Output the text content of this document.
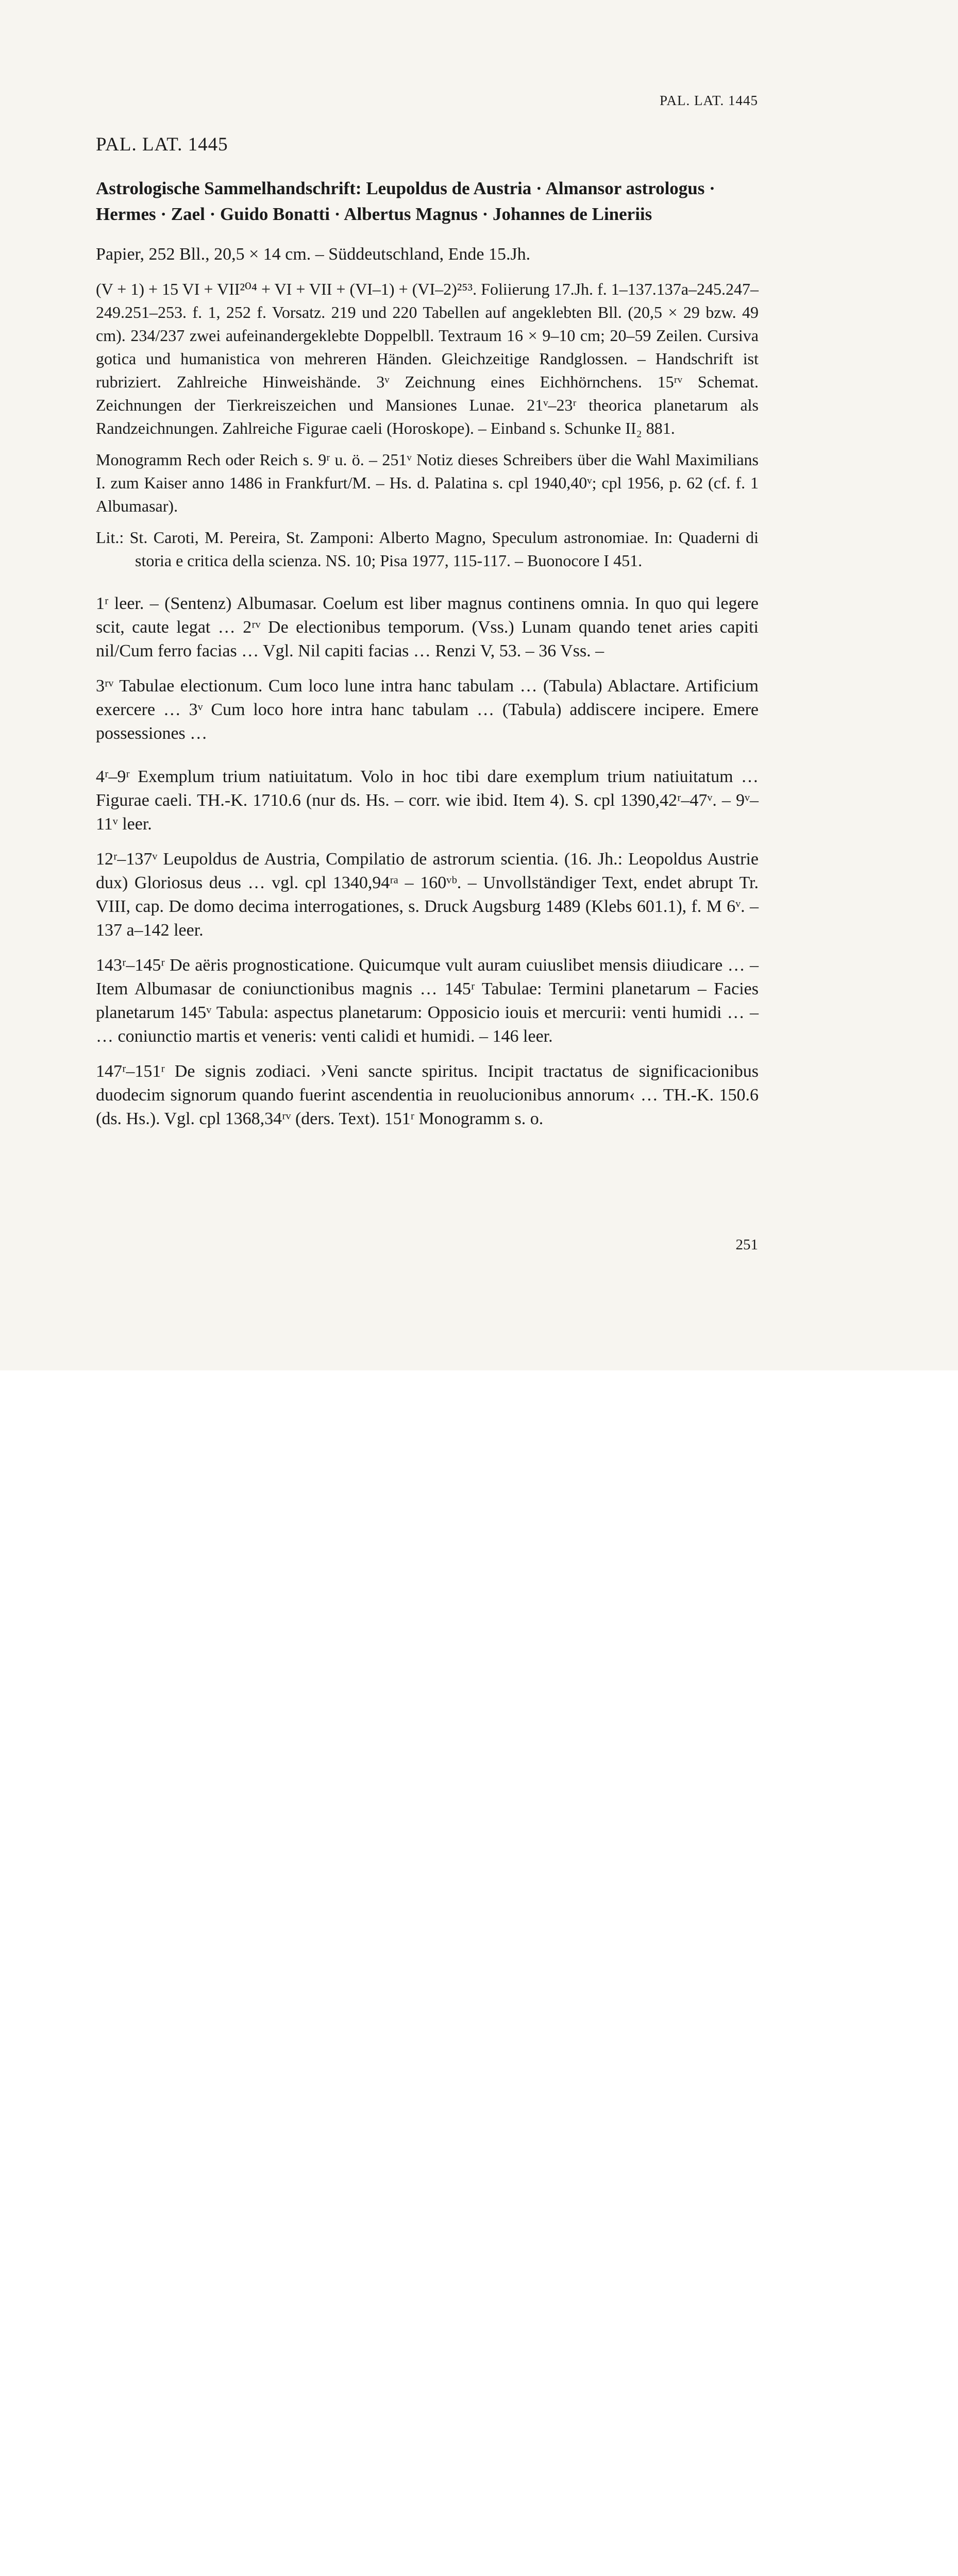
PAL. LAT. 1445
PAL. LAT. 1445
Astrologische Sammelhandschrift: Leupoldus de Austria · Almansor astrologus ·
Hermes · Zael · Guido Bonatti · Albertus Magnus · Johannes de Lineriis

Papier, 252 Bll., 20,5 × 14 cm. – Süddeutschland, Ende 15.Jh.

(V + 1) + 15 VI + VII²⁰⁴ + VI + VII + (VI–1) + (VI–2)²⁵³. Foliierung 17.Jh. f. 1–137.137a–245.247–249.251–253. f. 1, 252 f. Vorsatz. 219 und 220 Tabellen auf angeklebten Bll. (20,5 × 29 bzw. 49 cm). 234/237 zwei aufeinandergeklebte Doppelbll. Textraum 16 × 9–10 cm; 20–59 Zeilen. Cursiva gotica und humanistica von mehreren Händen. Gleichzeitige Randglossen. – Handschrift ist rubriziert. Zahlreiche Hinweishände. 3ᵛ Zeichnung eines Eichhörnchens. 15ʳᵛ Schemat. Zeichnungen der Tierkreiszeichen und Mansiones Lunae. 21ᵛ–23ʳ theorica planetarum als Randzeichnungen. Zahlreiche Figurae caeli (Horoskope). – Einband s. Schunke II₂ 881.

Monogramm Rech oder Reich s. 9ʳ u. ö. – 251ᵛ Notiz dieses Schreibers über die Wahl Maximilians I. zum Kaiser anno 1486 in Frankfurt/M. – Hs. d. Palatina s. cpl 1940,40ᵛ; cpl 1956, p. 62 (cf. f. 1 Albumasar).

Lit.: St. Caroti, M. Pereira, St. Zamponi: Alberto Magno, Speculum astronomiae. In: Quaderni di storia e critica della scienza. NS. 10; Pisa 1977, 115-117. – Buonocore I 451.

1ʳ leer. – (Sentenz) Albumasar. Coelum est liber magnus continens omnia. In quo qui legere scit, caute legat … 2ʳᵛ De electionibus temporum. (Vss.) Lunam quando tenet aries capiti nil/Cum ferro facias … Vgl. Nil capiti facias … Renzi V, 53. – 36 Vss. –

3ʳᵛ Tabulae electionum. Cum loco lune intra hanc tabulam … (Tabula) Ablactare. Artificium exercere … 3ᵛ Cum loco hore intra hanc tabulam … (Tabula) addiscere incipere. Emere possessiones …

4ʳ–9ʳ Exemplum trium natiuitatum. Volo in hoc tibi dare exemplum trium natiuitatum … Figurae caeli. TH.-K. 1710.6 (nur ds. Hs. – corr. wie ibid. Item 4). S. cpl 1390,42ʳ–47ᵛ. – 9ᵛ–11ᵛ leer.

12ʳ–137ᵛ Leupoldus de Austria, Compilatio de astrorum scientia. (16. Jh.: Leopoldus Austrie dux) Gloriosus deus … vgl. cpl 1340,94ʳᵃ – 160ᵛᵇ. – Unvollständiger Text, endet abrupt Tr. VIII, cap. De domo decima interrogationes, s. Druck Augsburg 1489 (Klebs 601.1), f. M 6ᵛ. – 137 a–142 leer.

143ʳ–145ʳ De aëris prognosticatione. Quicumque vult auram cuiuslibet mensis diiudicare … – Item Albumasar de coniunctionibus magnis … 145ʳ Tabulae: Termini planetarum – Facies planetarum 145ᵛ Tabula: aspectus planetarum: Opposicio iouis et mercurii: venti humidi … – … coniunctio martis et veneris: venti calidi et humidi. – 146 leer.

147ʳ–151ʳ De signis zodiaci. ›Veni sancte spiritus. Incipit tractatus de significacionibus duodecim signorum quando fuerint ascendentia in reuolucionibus annorum‹ … TH.-K. 150.6 (ds. Hs.). Vgl. cpl 1368,34ʳᵛ (ders. Text). 151ʳ Monogramm s. o.

251
